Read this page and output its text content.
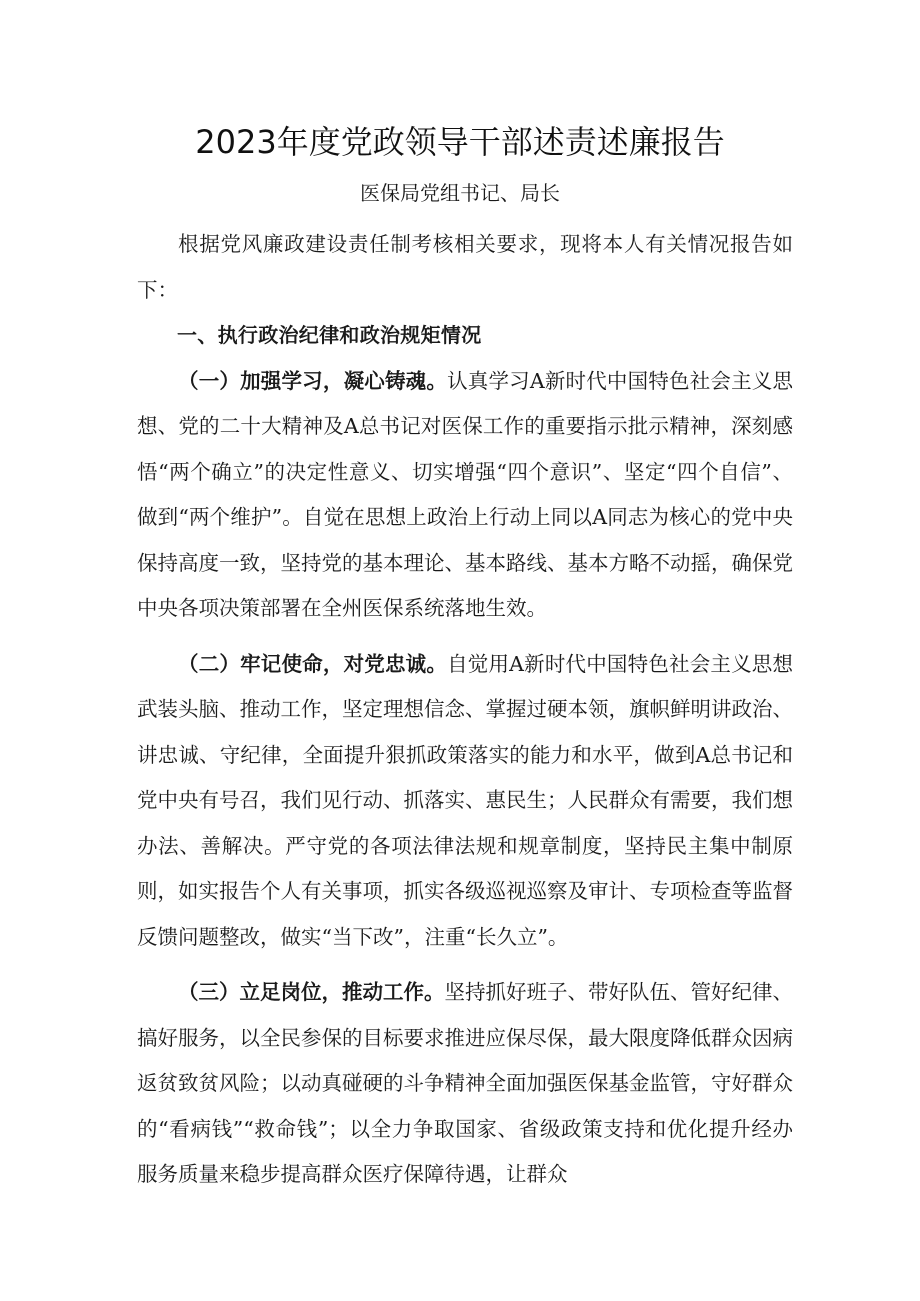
2023年度党政领导干部述责述廉报告
医保局党组书记、局长

根据党风廉政建设责任制考核相关要求，现将本人有关情况报告如下：

一、执行政治纪律和政治规矩情况

（一）加强学习，凝心铸魂。认真学习A新时代中国特色社会主义思想、党的二十大精神及A总书记对医保工作的重要指示批示精神，深刻感悟“两个确立”的决定性意义、切实增强“四个意识”、坚定“四个自信”、做到“两个维护”。自觉在思想上政治上行动上同以A同志为核心的党中央保持高度一致，坚持党的基本理论、基本路线、基本方略不动摇，确保党中央各项决策部署在全州医保系统落地生效。

（二）牢记使命，对党忠诚。自觉用A新时代中国特色社会主义思想武装头脑、推动工作，坚定理想信念、掌握过硬本领，旗帜鲜明讲政治、讲忠诚、守纪律，全面提升狠抓政策落实的能力和水平，做到A总书记和党中央有号召，我们见行动、抓落实、惠民生；人民群众有需要，我们想办法、善解决。严守党的各项法律法规和规章制度，坚持民主集中制原则，如实报告个人有关事项，抓实各级巡视巡察及审计、专项检查等监督反馈问题整改，做实“当下改”，注重“长久立”。

（三）立足岗位，推动工作。坚持抓好班子、带好队伍、管好纪律、搞好服务，以全民参保的目标要求推进应保尽保，最大限度降低群众因病返贫致贫风险；以动真碰硬的斗争精神全面加强医保基金监管，守好群众的“看病钱”“救命钱”；以全力争取国家、省级政策支持和优化提升经办服务质量来稳步提高群众医疗保障待遇，让群众
